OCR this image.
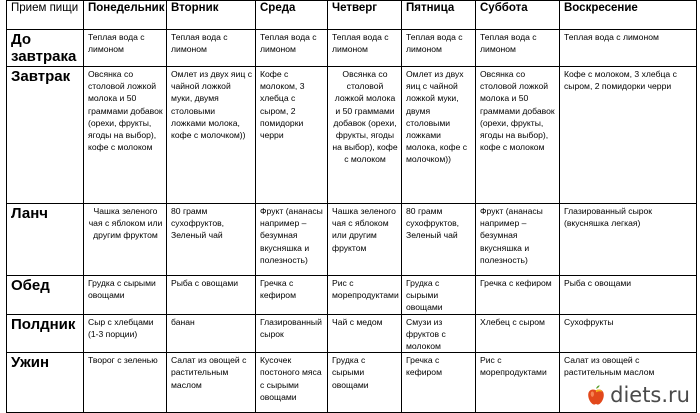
Прием пищи	Понедельник	Вторник	Среда	Четверг	Пятница	Суббота	Воскресение
До завтрака	Теплая вода с лимоном	Теплая вода с лимоном	Теплая вода с лимоном	Теплая вода с лимоном	Теплая вода с лимоном	Теплая вода с лимоном	Теплая вода с лимоном
Завтрак	Овсянка со столовой ложкой молока и 50 граммами добавок (орехи, фрукты, ягоды на выбор), кофе с молоком	Омлет из двух яиц с чайной ложкой муки, двумя столовыми ложками молока, кофе с молочком))	Кофе с молоком, 3 хлебца с сыром, 2 помидорки черри	Овсянка со столовой ложкой молока и 50 граммами добавок (орехи, фрукты, ягоды на выбор), кофе с молоком	Омлет из двух яиц с чайной ложкой муки, двумя столовыми ложками молока, кофе с молочком))	Овсянка со столовой ложкой молока и 50 граммами добавок (орехи, фрукты, ягоды на выбор), кофе с молоком	Кофе с молоком, 3 хлебца с сыром, 2 помидорки черри
Ланч	Чашка зеленого чая с яблоком или другим фруктом	80 грамм сухофруктов, Зеленый чай	Фрукт (ананасы например – безумная вкусняшка и полезность)	Чашка зеленого чая с яблоком или другим фруктом	80 грамм сухофруктов, Зеленый чай	Фрукт (ананасы например – безумная вкусняшка и полезность)	Глазированный сырок (вкусняшка легкая)
Обед	Грудка с сырыми овощами	Рыба с овощами	Гречка с кефиром	Рис с морепродуктами	Грудка с сырыми овощами	Гречка с кефиром	Рыба с овощами
Полдник	Сыр с хлебцами (1-3 порции)	банан	Глазированный сырок	Чай с медом	Смузи из фруктов с молоком	Хлебец с сыром	Сухофрукты
Ужин	Творог с зеленью	Салат из овощей с растительным маслом	Кусочек постоного мяса с сырыми овощами	Грудка с сырыми овощами	Гречка с кефиром	Рис с морепродуктами	Салат из овощей с растительным маслом
diets.ru
